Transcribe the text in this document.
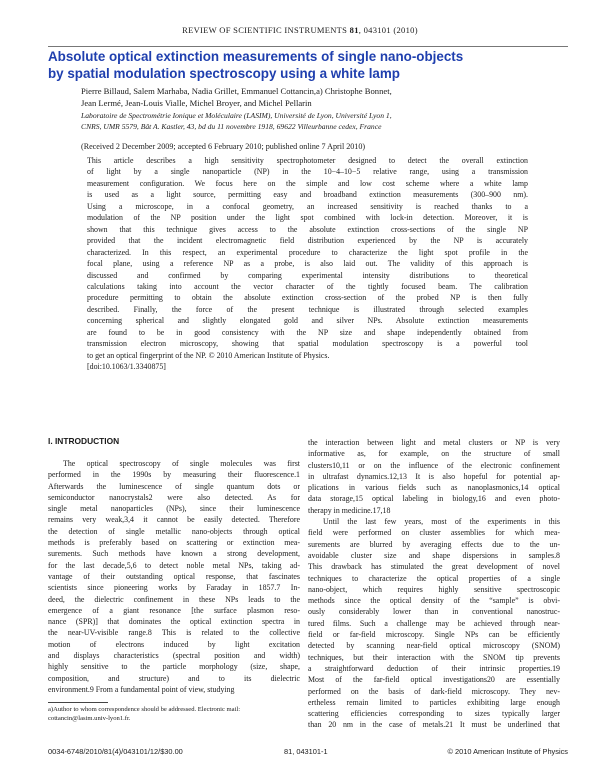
REVIEW OF SCIENTIFIC INSTRUMENTS 81, 043101 (2010)
Absolute optical extinction measurements of single nano-objects
by spatial modulation spectroscopy using a white lamp
Pierre Billaud, Salem Marhaba, Nadia Grillet, Emmanuel Cottancin,a) Christophe Bonnet,
Jean Lermé, Jean-Louis Vialle, Michel Broyer, and Michel Pellarin
Laboratoire de Spectrométrie Ionique et Moléculaire (LASIM), Université de Lyon, Université Lyon 1,
CNRS, UMR 5579, Bât A. Kastler, 43, bd du 11 novembre 1918, 69622 Villeurbanne cedex, France
(Received 2 December 2009; accepted 6 February 2010; published online 7 April 2010)
This article describes a high sensitivity spectrophotometer designed to detect the overall extinction
of light by a single nanoparticle (NP) in the 10−4–10−5 relative range, using a transmission
measurement configuration. We focus here on the simple and low cost scheme where a white lamp
is used as a light source, permitting easy and broadband extinction measurements (300–900 nm).
Using a microscope, in a confocal geometry, an increased sensitivity is reached thanks to a
modulation of the NP position under the light spot combined with lock-in detection. Moreover, it is
shown that this technique gives access to the absolute extinction cross-sections of the single NP
provided that the incident electromagnetic field distribution experienced by the NP is accurately
characterized. In this respect, an experimental procedure to characterize the light spot profile in the
focal plane, using a reference NP as a probe, is also laid out. The validity of this approach is
discussed and confirmed by comparing experimental intensity distributions to theoretical
calculations taking into account the vector character of the tightly focused beam. The calibration
procedure permitting to obtain the absolute extinction cross-section of the probed NP is then fully
described. Finally, the force of the present technique is illustrated through selected examples
concerning spherical and slightly elongated gold and silver NPs. Absolute extinction measurements
are found to be in good consistency with the NP size and shape independently obtained from
transmission electron microscopy, showing that spatial modulation spectroscopy is a powerful tool
to get an optical fingerprint of the NP. © 2010 American Institute of Physics.
[doi:10.1063/1.3340875]
I. INTRODUCTION
The optical spectroscopy of single molecules was first
performed in the 1990s by measuring their fluorescence.1
Afterwards the luminescence of single quantum dots or
semiconductor nanocrystals2 were also detected. As for
single metal nanoparticles (NPs), since their luminescence
remains very weak,3,4 it cannot be easily detected. Therefore
the detection of single metallic nano-objects through optical
methods is preferably based on scattering or extinction mea-
surements. Such methods have known a strong development,
for the last decade,5,6 to detect noble metal NPs, taking ad-
vantage of their outstanding optical response, that fascinates
scientists since pioneering works by Faraday in 1857.7 In-
deed, the dielectric confinement in these NPs leads to the
emergence of a giant resonance [the surface plasmon reso-
nance (SPR)] that dominates the optical extinction spectra in
the near-UV-visible range.8 This is related to the collective
motion of electrons induced by light excitation
and displays characteristics (spectral position and width)
highly sensitive to the particle morphology (size, shape,
composition, and structure) and to its dielectric
environment.9 From a fundamental point of view, studying
the interaction between light and metal clusters or NP is very
informative as, for example, on the structure of small
clusters10,11 or on the influence of the electronic confinement
in ultrafast dynamics.12,13 It is also hopeful for potential ap-
plications in various fields such as nanoplasmonics,14 optical
data storage,15 optical labeling in biology,16 and even photo-
therapy in medicine.17,18
Until the last few years, most of the experiments in this
field were performed on cluster assemblies for which mea-
surements are blurred by averaging effects due to the un-
avoidable cluster size and shape dispersions in samples.8
This drawback has stimulated the great development of novel
techniques to characterize the optical properties of a single
nano-object, which requires highly sensitive spectroscopic
methods since the optical density of the “sample” is obvi-
ously considerably lower than in conventional nanostruc-
tured films. Such a challenge may be achieved through near-
field or far-field microscopy. Single NPs can be efficiently
detected by scanning near-field optical microscopy (SNOM)
techniques, but their interaction with the SNOM tip prevents
a straightforward deduction of their intrinsic properties.19
Most of the far-field optical investigations20 are essentially
performed on the basis of dark-field microscopy. They nev-
ertheless remain limited to particles exhibiting large enough
scattering efficiencies corresponding to sizes typically larger
than 20 nm in the case of metals.21 It must be underlined that
a)Author to whom correspondence should be addressed. Electronic mail:
cottancin@lasim.univ-lyon1.fr.
0034-6748/2010/81(4)/043101/12/$30.00	81, 043101-1	© 2010 American Institute of Physics
